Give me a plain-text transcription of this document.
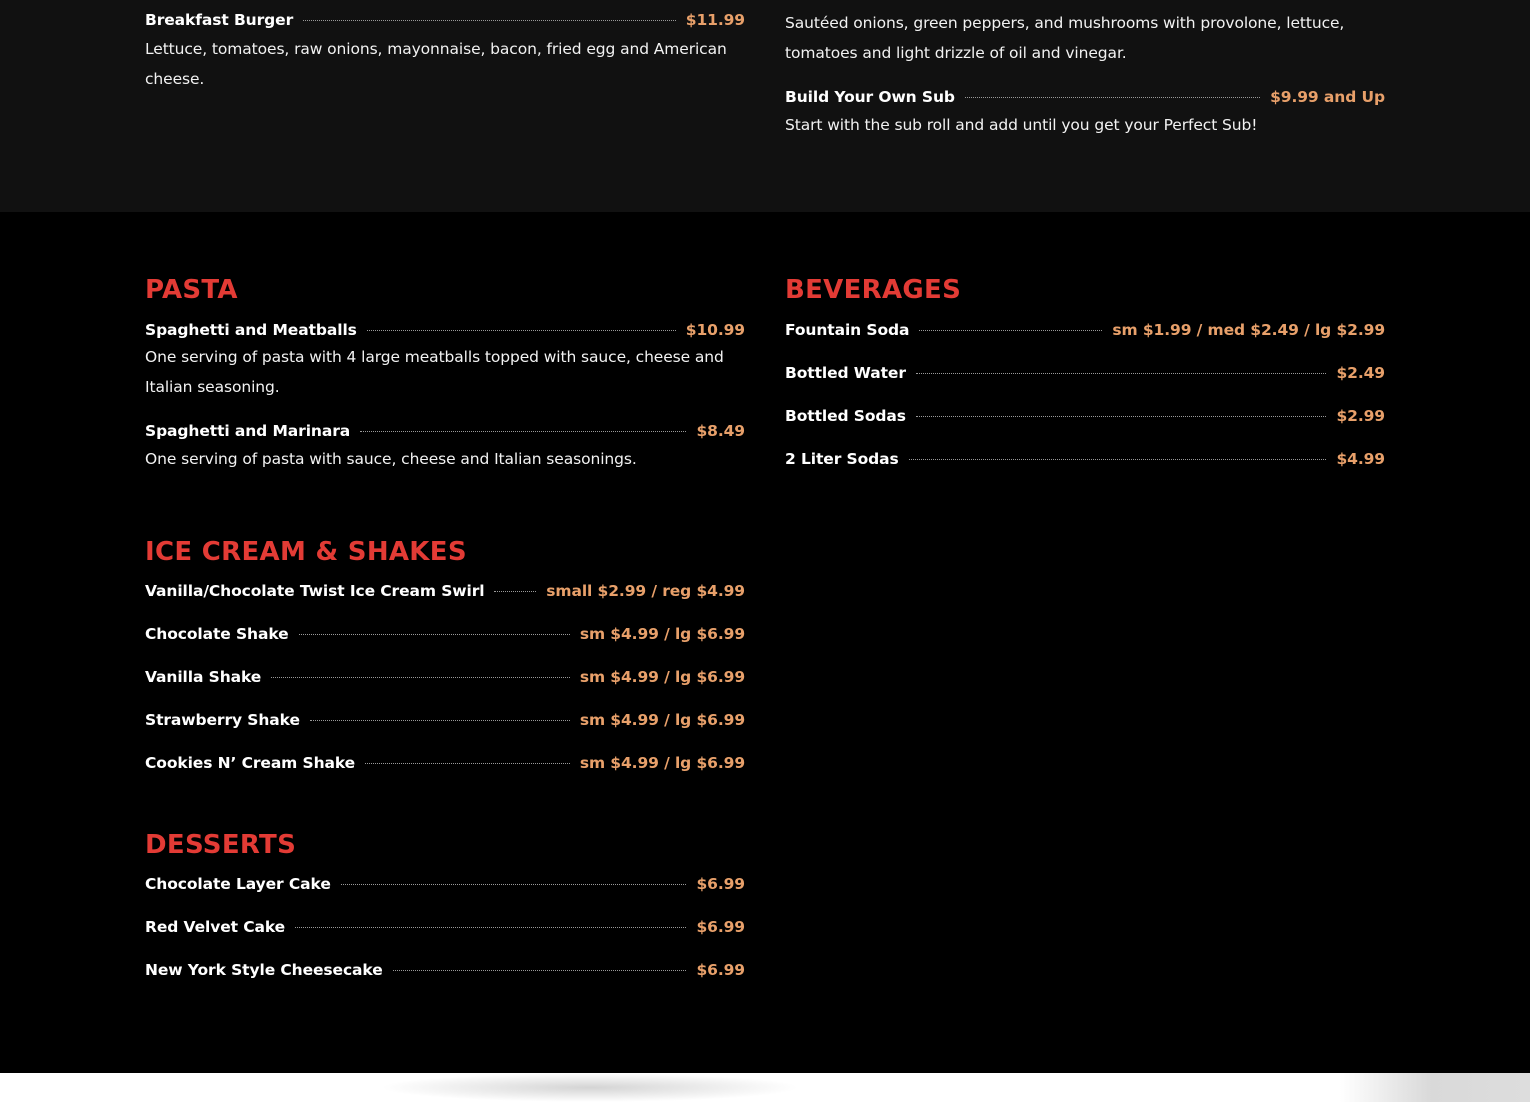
Breakfast Burger	$11.99
Lettuce, tomatoes, raw onions, mayonnaise, bacon, fried egg and American cheese.
Sautéed onions, green peppers, and mushrooms with provolone, lettuce, tomatoes and light drizzle of oil and vinegar.
Build Your Own Sub	$9.99 and Up
Start with the sub roll and add until you get your Perfect Sub!
PASTA
Spaghetti and Meatballs	$10.99
One serving of pasta with 4 large meatballs topped with sauce, cheese and Italian seasoning.
Spaghetti and Marinara	$8.49
One serving of pasta with sauce, cheese and Italian seasonings.
ICE CREAM & SHAKES
Vanilla/Chocolate Twist Ice Cream Swirl	small $2.99 / reg $4.99
Chocolate Shake	sm $4.99 / lg $6.99
Vanilla Shake	sm $4.99 / lg $6.99
Strawberry Shake	sm $4.99 / lg $6.99
Cookies N’ Cream Shake	sm $4.99 / lg $6.99
DESSERTS
Chocolate Layer Cake	$6.99
Red Velvet Cake	$6.99
New York Style Cheesecake	$6.99
BEVERAGES
Fountain Soda	sm $1.99 / med $2.49 / lg $2.99
Bottled Water	$2.49
Bottled Sodas	$2.99
2 Liter Sodas	$4.99
